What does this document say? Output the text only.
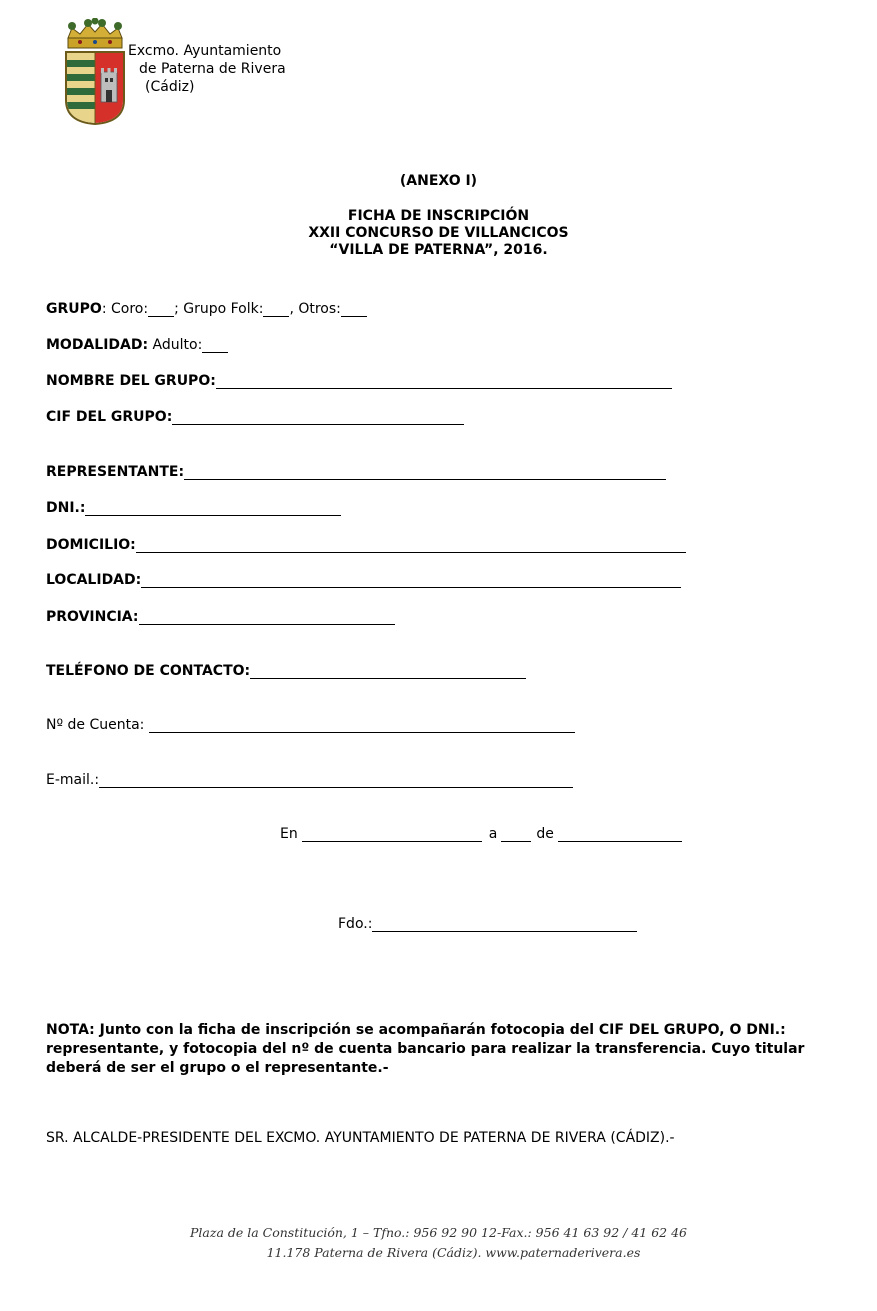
Excmo. Ayuntamiento
de Paterna de Rivera
(Cádiz)
(ANEXO I)
FICHA DE INSCRIPCIÓN
XXII CONCURSO DE VILLANCICOS
“VILLA DE PATERNA”, 2016.
GRUPO : Coro: ; Grupo Folk: , Otros:
MODALIDAD: Adulto:
NOMBRE DEL GRUPO:
CIF DEL GRUPO:
REPRESENTANTE:
DNI.:
DOMICILIO:
LOCALIDAD:
PROVINCIA:
TELÉFONO DE CONTACTO:
Nº de Cuenta:
E-mail.:
En	a	de
Fdo.:
NOTA: Junto con la ficha de inscripción se acompañarán fotocopia del CIF DEL GRUPO, O DNI.: representante, y fotocopia del nº de cuenta bancario para realizar la transferencia. Cuyo titular deberá de ser el grupo o el representante.-
SR. ALCALDE-PRESIDENTE DEL EXCMO. AYUNTAMIENTO DE PATERNA DE RIVERA (CÁDIZ).-
Plaza de la Constitución, 1 – Tfno.: 956 92 90 12-Fax.: 956 41 63 92 / 41 62 46
11.178 Paterna de Rivera (Cádiz). www.paternaderivera.es
